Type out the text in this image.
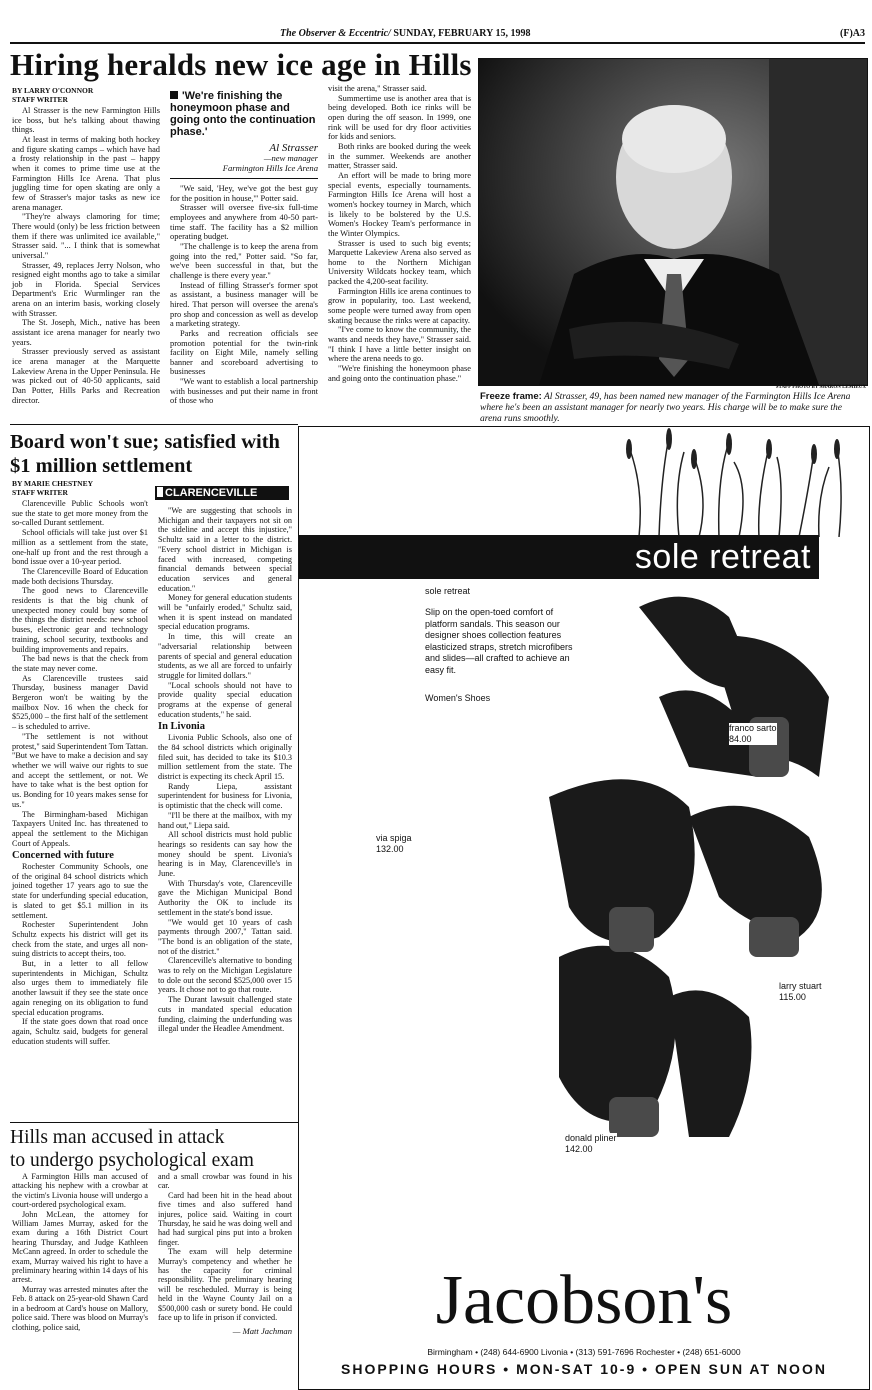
The Observer & Eccentric/ SUNDAY, FEBRUARY 15, 1998	(F)A3
Hiring heralds new ice age in Hills
BY LARRY O'CONNOR
STAFF WRITER

Al Strasser is the new Farmington Hills ice boss, but he's talking about thawing things.

At least in terms of making both hockey and figure skating camps – which have had a frosty relationship in the past – happy when it comes to prime time use at the Farmington Hills Ice Arena. That plus juggling time for open skating are only a few of Strasser's major tasks as new ice arena manager.

"They're always clamoring for time; There would (only) be less friction between them if there was unlimited ice available," Strasser said. "... I think that is somewhat universal."

Strasser, 49, replaces Jerry Nolson, who resigned eight months ago to take a similar job in Florida. Special Services Department's Eric Wurmlinger ran the arena on an interim basis, working closely with Strasser.

The St. Joseph, Mich., native has been assistant ice arena manager for nearly two years.

Strasser previously served as assistant ice arena manager at the Marquette Lakeview Arena in the Upper Peninsula. He was picked out of 40-50 applicants, said Dan Potter, Hills Parks and Recreation director.

'We're finishing the honeymoon phase and going onto the continuation phase.'
Al Strasser
—new manager
Farmington Hills Ice Arena

"We said, 'Hey, we've got the best guy for the position in house,'" Potter said.

Strasser will oversee five-six full-time employees and anywhere from 40-50 part-time staff. The facility has a $2 million operating budget.

"The challenge is to keep the arena from going into the red," Potter said. "So far, we've been successful in that, but the challenge is there every year."

Instead of filling Strasser's former spot as assistant, a business manager will be hired. That person will oversee the arena's pro shop and concession as well as develop a marketing strategy.

Parks and recreation officials see promotion potential for the twin-rink facility on Eight Mile, namely selling banner and scoreboard advertising to businesses

"We want to establish a local partnership with businesses and put their name in front of those who

visit the arena," Strasser said.

Summertime use is another area that is being developed. Both ice rinks will be open during the off season. In 1999, one rink will be used for dry floor activities for kids and seniors.

Both rinks are booked during the week in the summer. Weekends are another matter, Strasser said.

An effort will be made to bring more special events, especially tournaments. Farmington Hills Ice Arena will host a women's hockey tourney in March, which is likely to be bolstered by the U.S. Women's Hockey Team's performance in the Winter Olympics.

Strasser is used to such big events; Marquette Lakeview Arena also served as home to the Northern Michigan University Wildcats hockey team, which packed the 4,200-seat facility.

Farmington Hills ice arena continues to grow in popularity, too. Last weekend, some people were turned away from open skating because the rinks were at capacity.

"I've come to know the community, the wants and needs they have," Strasser said. "I think I have a little better insight on where the arena needs to go.

"We're finishing the honeymoon phase and going onto the continuation phase."

STAFF PHOTO BY SHARON LEMIEUX
Freeze frame: Al Strasser, 49, has been named new manager of the Farmington Hills Ice Arena where he's been an assistant manager for nearly two years. His charge will be to make sure the arena runs smoothly.
Board won't sue; satisfied with $1 million settlement
BY MARIE CHESTNEY
STAFF WRITER	CLARENCEVILLE

Clarenceville Public Schools won't sue the state to get more money from the so-called Durant settlement.

School officials will take just over $1 million as a settlement from the state, one-half up front and the rest through a bond issue over a 10-year period.

The Clarenceville Board of Education made both decisions Thursday.

The good news to Clarenceville residents is that the big chunk of unexpected money could buy some of the things the district needs: new school buses, electronic gear and technology training, school security, textbooks and building improvements and repairs.

The bad news is that the check from the state may never come.

As Clarenceville trustees said Thursday, business manager David Bergeron won't be waiting by the mailbox Nov. 16 when the check for $525,000 – the first half of the settlement – is scheduled to arrive.

"The settlement is not without protest," said Superintendent Tom Tattan. "But we have to make a decision and say whether we will waive our rights to sue and accept the settlement, or not. We have to take what is the best option for us. Bonding for 10 years makes sense for us."

The Birmingham-based Michigan Taxpayers United Inc. has threatened to appeal the settlement to the Michigan Court of Appeals.

Concerned with future

Rochester Community Schools, one of the original 84 school districts which joined together 17 years ago to sue the state for underfunding special education, is slated to get $5.1 million in its settlement.

Rochester Superintendent John Schultz expects his district will get its check from the state, and urges all non-suing districts to accept theirs, too.

But, in a letter to all fellow superintendents in Michigan, Schultz also urges them to immediately file another lawsuit if they see the state once again reneging on its obligation to fund special education programs.

If the state goes down that road once again, Schultz said, budgets for general education students will suffer.

"We are suggesting that schools in Michigan and their taxpayers not sit on the sideline and accept this injustice," Schultz said in a letter to the district. "Every school district in Michigan is faced with increased, competing financial demands between special education services and general education."

Money for general education students will be "unfairly eroded," Schultz said, when it is spent instead on mandated special education programs.

In time, this will create an "adversarial relationship between parents of special and general education students, as we all are forced to unfairly struggle for limited dollars."

"Local schools should not have to provide quality special education programs at the expense of general education students," he said.

In Livonia

Livonia Public Schools, also one of the 84 school districts which originally filed suit, has decided to take its $10.3 million settlement from the state. The district is expecting its check April 15.

Randy Liepa, assistant superintendent for business for Livonia, is optimistic that the check will come.

"I'll be there at the mailbox, with my hand out," Liepa said.

All school districts must hold public hearings so residents can say how the money should be spent. Livonia's hearing is in May, Clarenceville's in June.

With Thursday's vote, Clarenceville gave the Michigan Municipal Bond Authority the OK to include its settlement in the state's bond issue.

"We would get 10 years of cash payments through 2007," Tattan said. "The bond is an obligation of the state, not of the district."

Clarenceville's alternative to bonding was to rely on the Michigan Legislature to dole out the second $525,000 over 15 years. It chose not to go that route.

The Durant lawsuit challenged state cuts in mandated special education funding, claiming the underfunding was illegal under the Headlee Amendment.

Hills man accused in attack
to undergo psychological exam

A Farmington Hills man accused of attacking his nephew with a crowbar at the victim's Livonia house will undergo a court-ordered psychological exam.

John McLean, the attorney for William James Murray, asked for the exam during a 16th District Court hearing Thursday, and Judge Kathleen McCann agreed. In order to schedule the exam, Murray waived his right to have a preliminary hearing within 14 days of his arrest.

Murray was arrested minutes after the Feb. 8 attack on 25-year-old Shawn Card in a bedroom at Card's house on Mallory, police said. There was blood on Murray's clothing, police said,

and a small crowbar was found in his car.

Card had been hit in the head about five times and also suffered hand injures, police said. Waiting in court Thursday, he said he was doing well and had had surgical pins put into a broken finger.

The exam will help determine Murray's competency and whether he has the capacity for criminal responsibility. The preliminary hearing will be rescheduled. Murray is being held in the Wayne County Jail on a $500,000 cash or surety bond. He could face up to life in prison if convicted.

— Matt Jachman
sole retreat
sole retreat
Slip on the open-toed comfort of platform sandals. This season our designer shoes collection features elasticized straps, stretch microfibers and slides—all crafted to achieve an easy fit.
Women's Shoes
franco sarto
84.00
via spiga
132.00
larry stuart
115.00
donald pliner
142.00
Jacobson's
Birmingham • (248) 644-6900 Livonia • (313) 591-7696 Rochester • (248) 651-6000
SHOPPING HOURS • MON-SAT 10-9 • OPEN SUN AT NOON
